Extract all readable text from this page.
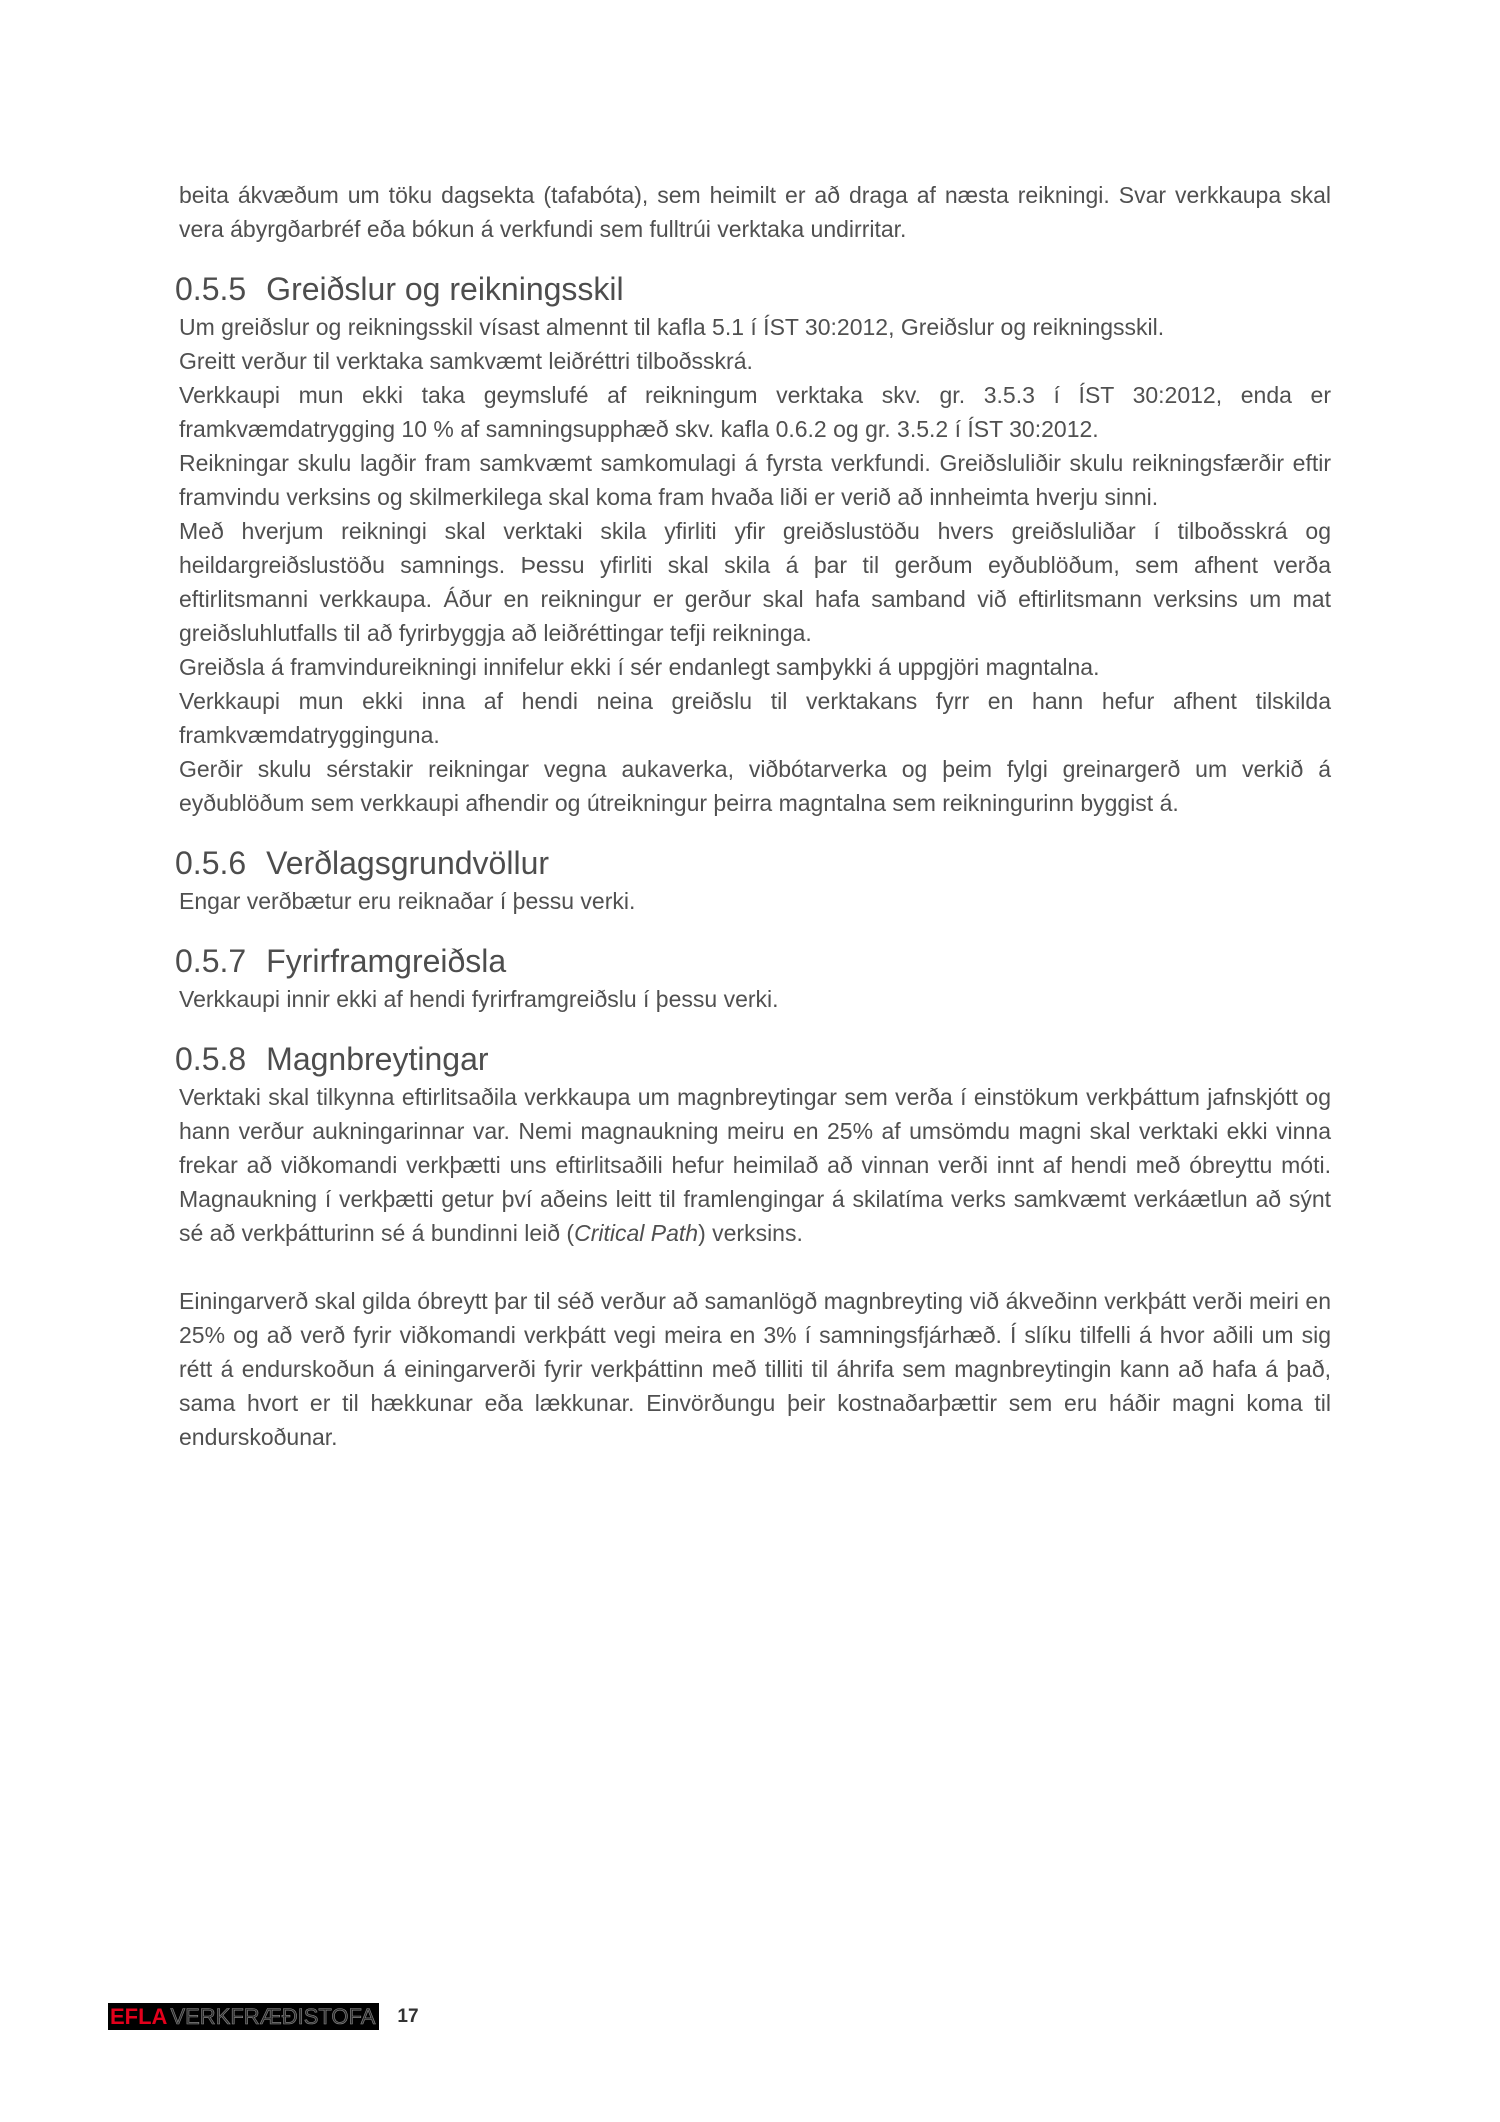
beita ákvæðum um töku dagsekta (tafabóta), sem heimilt er að draga af næsta reikningi. Svar verkkaupa skal vera ábyrgðarbréf eða bókun á verkfundi sem fulltrúi verktaka undirritar.

0.5.5 Greiðslur og reikningsskil

Um greiðslur og reikningsskil vísast almennt til kafla 5.1 í ÍST 30:2012, Greiðslur og reikningsskil.

Greitt verður til verktaka samkvæmt leiðréttri tilboðsskrá.

Verkkaupi mun ekki taka geymslufé af reikningum verktaka skv. gr. 3.5.3 í ÍST 30:2012, enda er framkvæmdatrygging 10 % af samningsupphæð skv. kafla 0.6.2 og gr. 3.5.2 í ÍST 30:2012.

Reikningar skulu lagðir fram samkvæmt samkomulagi á fyrsta verkfundi. Greiðsluliðir skulu reikningsfærðir eftir framvindu verksins og skilmerkilega skal koma fram hvaða liði er verið að innheimta hverju sinni.

Með hverjum reikningi skal verktaki skila yfirliti yfir greiðslustöðu hvers greiðsluliðar í tilboðsskrá og heildargreiðslustöðu samnings. Þessu yfirliti skal skila á þar til gerðum eyðublöðum, sem afhent verða eftirlitsmanni verkkaupa. Áður en reikningur er gerður skal hafa samband við eftirlitsmann verksins um mat greiðsluhlutfalls til að fyrirbyggja að leiðréttingar tefji reikninga.

Greiðsla á framvindureikningi innifelur ekki í sér endanlegt samþykki á uppgjöri magntalna.

Verkkaupi mun ekki inna af hendi neina greiðslu til verktakans fyrr en hann hefur afhent tilskilda framkvæmdatrygginguna.

Gerðir skulu sérstakir reikningar vegna aukaverka, viðbótarverka og þeim fylgi greinargerð um verkið á eyðublöðum sem verkkaupi afhendir og útreikningur þeirra magntalna sem reikningurinn byggist á.

0.5.6 Verðlagsgrundvöllur

Engar verðbætur eru reiknaðar í þessu verki.

0.5.7 Fyrirframgreiðsla

Verkkaupi innir ekki af hendi fyrirframgreiðslu í þessu verki.

0.5.8 Magnbreytingar

Verktaki skal tilkynna eftirlitsaðila verkkaupa um magnbreytingar sem verða í einstökum verkþáttum jafnskjótt og hann verður aukningarinnar var. Nemi magnaukning meiru en 25% af umsömdu magni skal verktaki ekki vinna frekar að viðkomandi verkþætti uns eftirlitsaðili hefur heimilað að vinnan verði innt af hendi með óbreyttu móti. Magnaukning í verkþætti getur því aðeins leitt til framlengingar á skilatíma verks samkvæmt verkáætlun að sýnt sé að verkþátturinn sé á bundinni leið (Critical Path) verksins.

Einingarverð skal gilda óbreytt þar til séð verður að samanlögð magnbreyting við ákveðinn verkþátt verði meiri en 25% og að verð fyrir viðkomandi verkþátt vegi meira en 3% í samningsfjárhæð. Í slíku tilfelli á hvor aðili um sig rétt á endurskoðun á einingarverði fyrir verkþáttinn með tilliti til áhrifa sem magnbreytingin kann að hafa á það, sama hvort er til hækkunar eða lækkunar. Einvörðungu þeir kostnaðarþættir sem eru háðir magni koma til endurskoðunar.

EFLA VERKFRÆÐISTOFA 17
